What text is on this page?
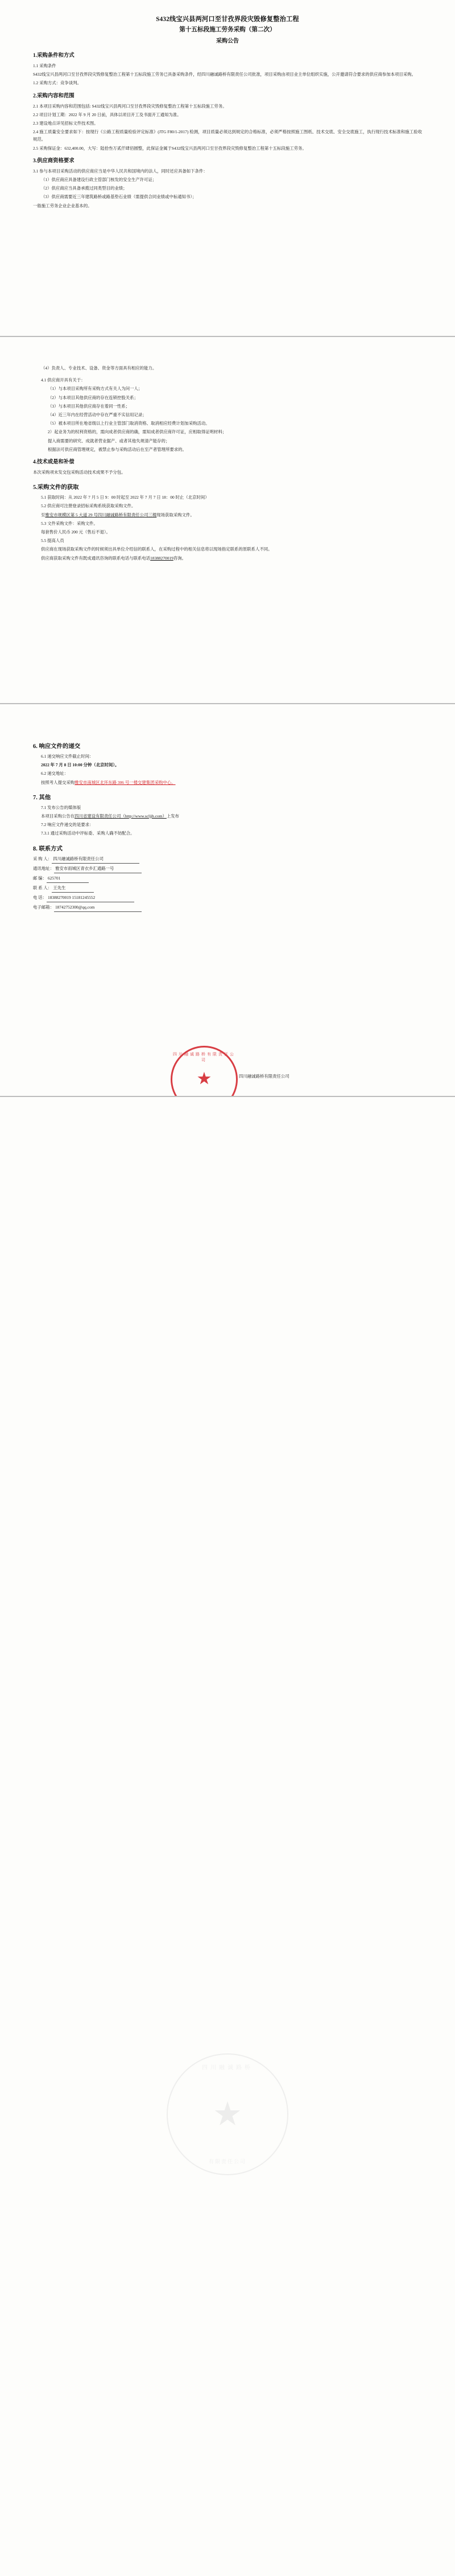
S432线宝兴县两河口至甘孜界段灾毁修复整治工程
第十五标段施工劳务采购（第二次）
采购公告
1.采购条件和方式

1.1 采购条件

S432线宝兴县两河口至甘孜界段灾毁修复整治工程第十五标段施工劳务已具备采购条件，经四川融诚路桥有限责任公司批准，项目采购由项目业主单位组织实施，公开邀请符合要求的供应商参加本项目采购。

1.2 采购方式：竞争谈判。

2.采购内容和范围

2.1 本项目采购内容和范围包括: S432线宝兴县两河口至甘孜界段灾毁修复整治工程第十五标段施工劳务。

2.2 项目计划工期：2022 年 9 月 20 日前，具体以项目开工及书面开工通知为准。

2.3 建设地点详见招标文件技术图。

2.4 施工质量安全要求如下：按现行《公路工程质量检验评定标准》(JTG F80/1-2017) 检测，项目质量必须达到规定的合格标准，必须严格按照施工图纸、技术交底、安全交底施工，执行现行技术标准和施工验收规范。

2.5 采购保证金：632,400.00，大写：陆拾叁万贰仟肆佰圆整，此保证金属于S432线宝兴县两河口至甘孜界段灾毁修复整治工程第十五标段施工劳务。

3.供应商资格要求

3.1 参与本项目采购活动的供应商应当是中华人民共和国境内的法人，同时还应具备如下条件：

（1）供应商应具备建设行政主管部门核发的安全生产许可证；

（2）供应商应当具备承揽过同类型目的业绩；

（3）供应商需要近三年建筑路桥或路基垫石业绩（需提供合同业绩或中标通知书）；

一般施工劳务企业企业基本的。

（4）负责人、专业技术、设备、资金等方面具有相应的能力。

4.1 供应商开具有关于：

（1）与本项目采购所有采购方式有关人为问一人；

（2）与本项目其他供应商的存在连锁控股关系；

（3）与本项目其他供应商存在着同一性系；

（4）近三年内在经营活动中存在严重不实信用记录；

（5）被本项目所在地省级以上行业主管部门取消资格、取消相应经费计划加采购活动。

2）起业务为的权利资格的，需向成者供应商的确，需知成者供应商许可证，应相取得证明材料；

提入商需要的研究、成就者营业据产、或者其他失规清产能存的；

根据法可供应商管理规定，被禁止参与采购活动后在至产者管理所要求的。

4.技术或是和补偿

本次采购项未发交包采购活动技术成果不予分包。

5.采购文件的获取

5.1 获取时间：从 2022 年 7 月 5 日 9：00 时起至 2022 年 7 月 7 日 18：00 时止（北京时间）

5.2 供应商可注册登录招标采购系统获取采购文件。

至雅安市规模区第 5 大道 29 号四川融诚路桥有限责任公司三楼现场获取采购文件。

5.3 文件采购文件：采购文件。

每套售价人民币 200 元（售后不退）。

5.5 提高人员

供应商在现场获取采购文件的时候须出具单位介绍信的联系人，在采购过程中的相关信息将以现场指定联系的原联系人不同。

供应商获取采购文件有既成通讯咨询的联系电话与联系电话18388270019咨询。

6. 响应文件的递交

6.1 递交响应文件截止时间：

2022 年 7 月 8 日 10:00 分钟（北京时间）。

6.2 递交地址：

按照考人提交采购雅安市南城区北环东路 306 号一楼交建集团采购中心。

7. 其他

7.1 发布公告的媒体版

本项目采购公告在四川省建设有限责任公司（http://www.scljjh.com）上发布

7.2 响应文件递交的是要求：

7.3.1 通过采购活动中评标委、采购人确不妨配合。

8. 联系方式

采 购 人： 四川融诚路桥有限责任公司

通讯地址： 雅安市雨城区青衣乡汇通路一号

邮 编： 625701

联 系 人： 王先生

电 话： 18388270019 15181245552

电子邮箱： 18742752300@qq.com

四川融诚路桥有限责任公司
★	四川融诚路桥有限责任公司
四川融诚路桥
★
有限责任公司
